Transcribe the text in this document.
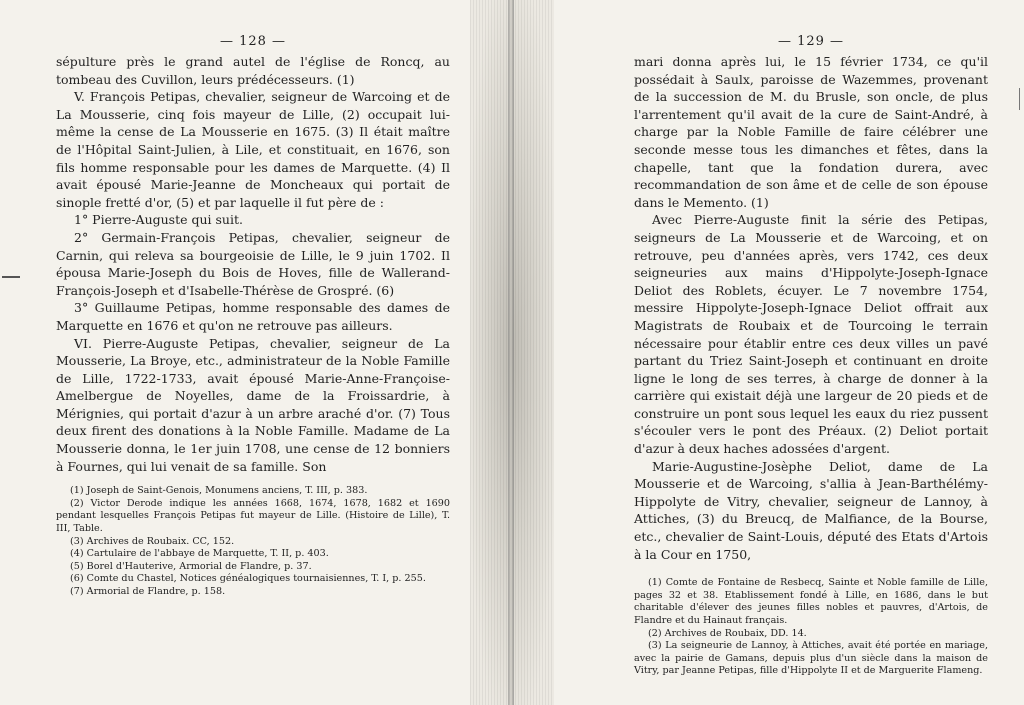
— 128 —

sépulture près le grand autel de l'église de Roncq, au tombeau des Cuvillon, leurs prédécesseurs. (1)

V. François Petipas, chevalier, seigneur de Warcoing et de La Mousserie, cinq fois mayeur de Lille, (2) occupait lui-même la cense de La Mousserie en 1675. (3) Il était maître de l'Hôpital Saint-Julien, à Lile, et constituait, en 1676, son fils homme responsable pour les dames de Marquette. (4) Il avait épousé Marie-Jeanne de Moncheaux qui portait de sinople fretté d'or, (5) et par laquelle il fut père de :

1° Pierre-Auguste qui suit.

2° Germain-François Petipas, chevalier, seigneur de Carnin, qui releva sa bourgeoisie de Lille, le 9 juin 1702. Il épousa Marie-Joseph du Bois de Hoves, fille de Wallerand-François-Joseph et d'Isabelle-Thérèse de Grospré. (6)

3° Guillaume Petipas, homme responsable des dames de Marquette en 1676 et qu'on ne retrouve pas ailleurs.

VI. Pierre-Auguste Petipas, chevalier, seigneur de La Mousserie, La Broye, etc., administrateur de la Noble Famille de Lille, 1722-1733, avait épousé Marie-Anne-Françoise-Amelbergue de Noyelles, dame de la Froissardrie, à Mérignies, qui portait d'azur à un arbre araché d'or. (7) Tous deux firent des donations à la Noble Famille. Madame de La Mousserie donna, le 1er juin 1708, une cense de 12 bonniers à Fournes, qui lui venait de sa famille. Son

(1) Joseph de Saint-Genois, Monumens anciens, T. III, p. 383.

(2) Victor Derode indique les années 1668, 1674, 1678, 1682 et 1690 pendant lesquelles François Petipas fut mayeur de Lille. (Histoire de Lille), T. III, Table.

(3) Archives de Roubaix. CC, 152.

(4) Cartulaire de l'abbaye de Marquette, T. II, p. 403.

(5) Borel d'Hauterive, Armorial de Flandre, p. 37.

(6) Comte du Chastel, Notices généalogiques tournaisiennes, T. I, p. 255.

(7) Armorial de Flandre, p. 158.

— 129 —

mari donna après lui, le 15 février 1734, ce qu'il possédait à Saulx, paroisse de Wazemmes, provenant de la succession de M. du Brusle, son oncle, de plus l'arrentement qu'il avait de la cure de Saint-André, à charge par la Noble Famille de faire célébrer une seconde messe tous les dimanches et fêtes, dans la chapelle, tant que la fondation durera, avec recommandation de son âme et de celle de son épouse dans le Memento. (1)

Avec Pierre-Auguste finit la série des Petipas, seigneurs de La Mousserie et de Warcoing, et on retrouve, peu d'années après, vers 1742, ces deux seigneuries aux mains d'Hippolyte-Joseph-Ignace Deliot des Roblets, écuyer. Le 7 novembre 1754, messire Hippolyte-Joseph-Ignace Deliot offrait aux Magistrats de Roubaix et de Tourcoing le terrain nécessaire pour établir entre ces deux villes un pavé partant du Triez Saint-Joseph et continuant en droite ligne le long de ses terres, à charge de donner à la carrière qui existait déjà une largeur de 20 pieds et de construire un pont sous lequel les eaux du riez pussent s'écouler vers le pont des Préaux. (2) Deliot portait d'azur à deux haches adossées d'argent.

Marie-Augustine-Josèphe Deliot, dame de La Mousserie et de Warcoing, s'allia à Jean-Barthélémy-Hippolyte de Vitry, chevalier, seigneur de Lannoy, à Attiches, (3) du Breucq, de Malfiance, de la Bourse, etc., chevalier de Saint-Louis, député des Etats d'Artois à la Cour en 1750,

(1) Comte de Fontaine de Resbecq, Sainte et Noble famille de Lille, pages 32 et 38. Etablissement fondé à Lille, en 1686, dans le but charitable d'élever des jeunes filles nobles et pauvres, d'Artois, de Flandre et du Hainaut français.

(2) Archives de Roubaix, DD. 14.

(3) La seigneurie de Lannoy, à Attiches, avait été portée en mariage, avec la pairie de Gamans, depuis plus d'un siècle dans la maison de Vitry, par Jeanne Petipas, fille d'Hippolyte II et de Marguerite Flameng.
